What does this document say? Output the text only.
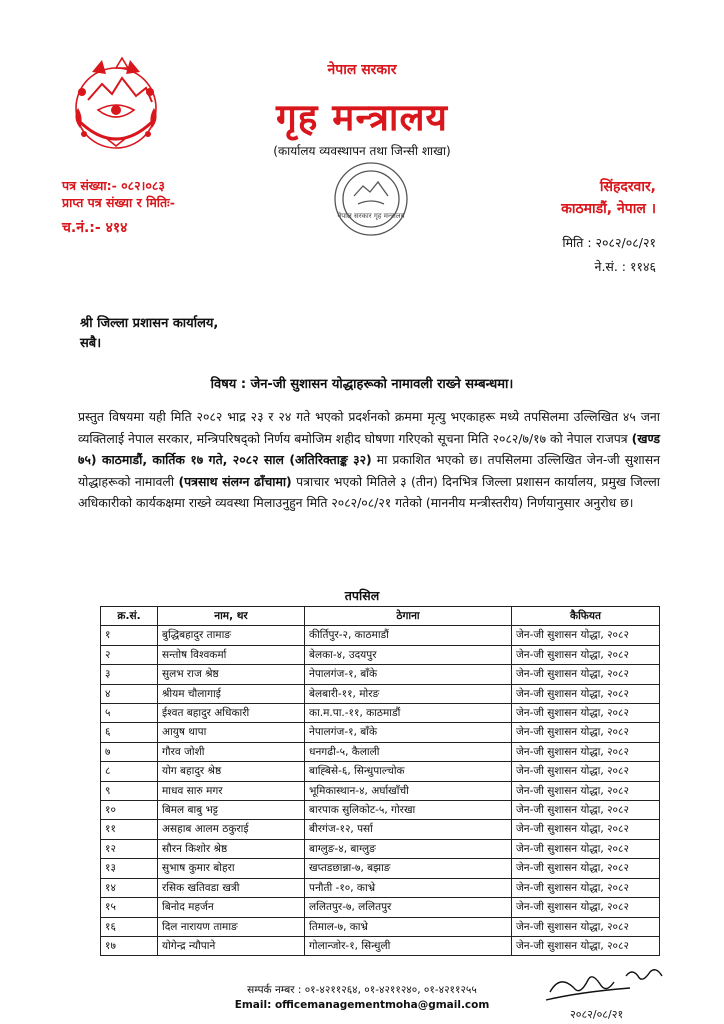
नेपाल सरकार
गृह मन्त्रालय
(कार्यालय व्यवस्थापन तथा जिन्सी शाखा)
नेपाल सरकार गृह मन्त्रालय
पत्र संख्या:- ०८२।०८३
प्राप्त पत्र संख्या र मितिः-
च.नं.:- ४१४
सिंहदरवार,
काठमाडौं, नेपाल ।
मिति : २०८२/०८/२१
ने.सं. : ११४६
श्री जिल्ला प्रशासन कार्यालय,
सबै।
विषय : जेन-जी सुशासन योद्धाहरूको नामावली राख्ने सम्बन्धमा।
प्रस्तुत विषयमा यही मिति २०८२ भाद्र २३ र २४ गते भएको प्रदर्शनको क्रममा मृत्यु भएकाहरू मध्ये तपसिलमा उल्लिखित ४५ जना व्यक्तिलाई नेपाल सरकार, मन्त्रिपरिषद्को निर्णय बमोजिम शहीद घोषणा गरिएको सूचना मिति २०८२/७/१७ को नेपाल राजपत्र (खण्ड ७५) काठमाडौं, कार्तिक १७ गते, २०८२ साल (अतिरिक्ताङ्क ३२) मा प्रकाशित भएको छ। तपसिलमा उल्लिखित जेन-जी सुशासन योद्धाहरूको नामावली (पत्रसाथ संलग्न ढाँचामा) पत्राचार भएको मितिले ३ (तीन) दिनभित्र जिल्ला प्रशासन कार्यालय, प्रमुख जिल्ला अधिकारीको कार्यकक्षमा राख्ने व्यवस्था मिलाउनुहुन मिति २०८२/०८/२१ गतेको (माननीय मन्त्रीस्तरीय) निर्णयानुसार अनुरोध छ।
तपसिल
क्र.सं.	नाम, थर	ठेगाना	कैफियत
१	बुद्धिबहादुर तामाङ	कीर्तिपुर-२, काठमाडौं	जेन-जी सुशासन योद्धा, २०८२
२	सन्तोष विश्वकर्मा	बेलका-४, उदयपुर	जेन-जी सुशासन योद्धा, २०८२
३	सुलभ राज श्रेष्ठ	नेपालगंज-१, बाँके	जेन-जी सुशासन योद्धा, २०८२
४	श्रीयम चौलागाई	बेलबारी-११, मोरङ	जेन-जी सुशासन योद्धा, २०८२
५	ईश्वत बहादुर अधिकारी	का.म.पा.-११, काठमाडौं	जेन-जी सुशासन योद्धा, २०८२
६	आयुष थापा	नेपालगंज-१, बाँके	जेन-जी सुशासन योद्धा, २०८२
७	गौरव जोशी	धनगढी-५, कैलाली	जेन-जी सुशासन योद्धा, २०८२
८	योग बहादुर श्रेष्ठ	बाह्बिसे-६, सिन्धुपाल्चोक	जेन-जी सुशासन योद्धा, २०८२
९	माधव सारु मगर	भूमिकास्थान-४, अर्घाखाँची	जेन-जी सुशासन योद्धा, २०८२
१०	बिमल बाबु भट्ट	बारपाक सुलिकोट-५, गोरखा	जेन-जी सुशासन योद्धा, २०८२
११	असहाब आलम ठकुराई	बीरगंज-१२, पर्सा	जेन-जी सुशासन योद्धा, २०८२
१२	सौरन किशोर श्रेष्ठ	बाग्लुङ-४, बाग्लुङ	जेन-जी सुशासन योद्धा, २०८२
१३	सुभाष कुमार बोहरा	खप्तडछान्ना-७, बझाङ	जेन-जी सुशासन योद्धा, २०८२
१४	रसिक खतिवडा खत्री	पनौती -१०, काभ्रे	जेन-जी सुशासन योद्धा, २०८२
१५	बिनोद महर्जन	ललितपुर-७, ललितपुर	जेन-जी सुशासन योद्धा, २०८२
१६	दिल नारायण तामाङ	तिमाल-७, काभ्रे	जेन-जी सुशासन योद्धा, २०८२
१७	योगेन्द्र न्यौपाने	गोलान्जोर-१, सिन्धुली	जेन-जी सुशासन योद्धा, २०८२
सम्पर्क नम्बर : ०१-४२११२६४, ०१-४२११२४०, ०१-४२११२५५
Email: officemanagementmoha@gmail.com
२०८२/०८/२१
